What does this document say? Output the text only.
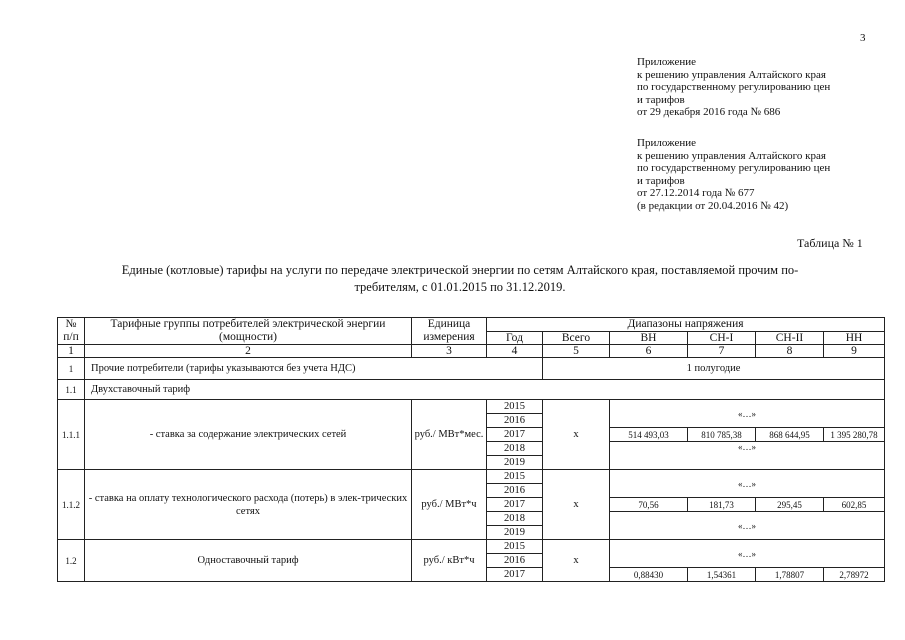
3
Приложение
к решению управления Алтайского края
по государственному регулированию цен
и тарифов
от 29 декабря 2016 года № 686
Приложение
к решению управления Алтайского края
по государственному регулированию цен
и тарифов
от 27.12.2014 года № 677
(в редакции от 20.04.2016 № 42)
Таблица № 1
Единые (котловые) тарифы на услуги по передаче электрической энергии по сетям Алтайского края, поставляемой прочим по-
требителям, с 01.01.2015 по 31.12.2019.
№
п/п	Тарифные группы потребителей электрической энергии (мощности)	Единица измерения	Диапазоны напряжения					
			Год	Всего	ВН	СН-I	СН-II	НН
1	2	3	4	5	6	7	8	9
1	Прочие потребители (тарифы указываются без учета НДС)			1 полугодие				
1.1	Двухставочный тариф							
1.1.1	- ставка за содержание электрических сетей	руб./ МВт*мес.	2015	x	«…»			
			2016					
			2017		514 493,03	810 785,38	868 644,95	1 395 280,78
			2018		«…»			
			2019					
1.1.2	- ставка на оплату технологического расхода (потерь) в элек-трических сетях	руб./ МВт*ч	2015	x	«…»			
			2016					
			2017		70,56	181,73	295,45	602,85
			2018		«…»			
			2019					
1.2	Одноставочный тариф	руб./ кВт*ч	2015	x	«…»			
			2016					
			2017		0,88430	1,54361	1,78807	2,78972
